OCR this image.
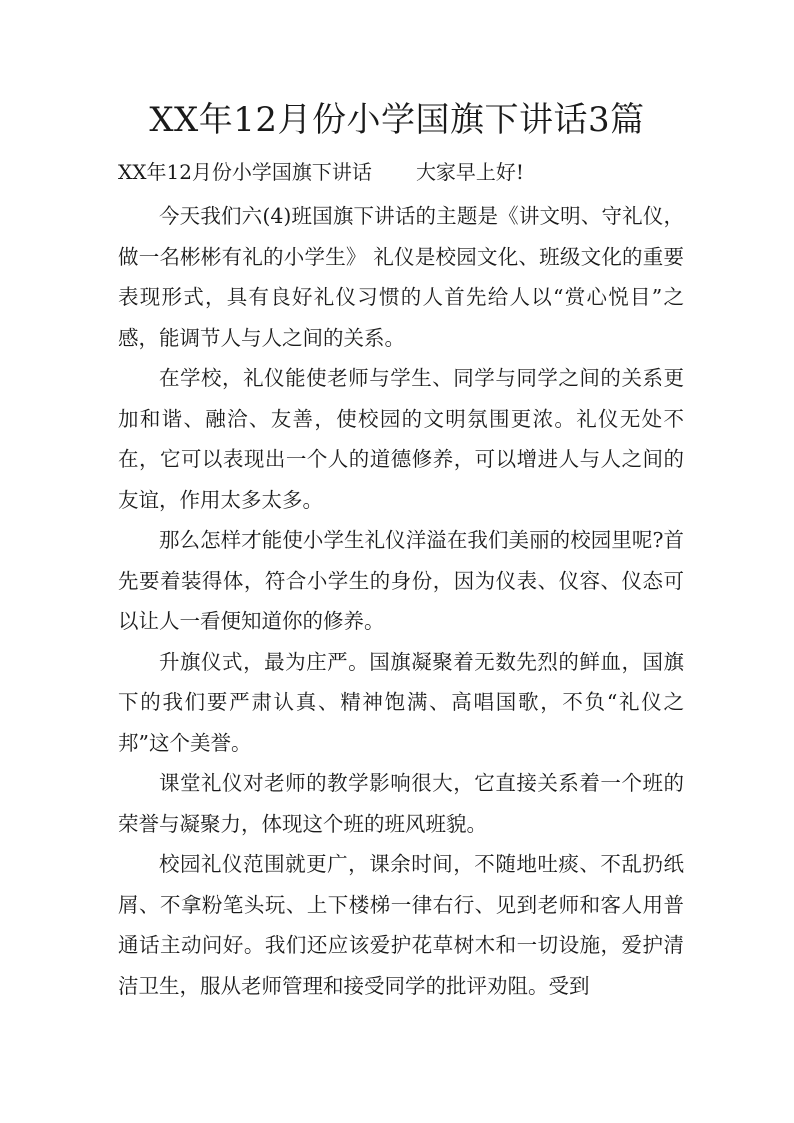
XX年12月份小学国旗下讲话3篇
XX年12月份小学国旗下讲话 大家早上好!

今天我们六(4)班国旗下讲话的主题是《讲文明、守礼仪，做一名彬彬有礼的小学生》 礼仪是校园文化、班级文化的重要表现形式，具有良好礼仪习惯的人首先给人以“赏心悦目”之感，能调节人与人之间的关系。

在学校，礼仪能使老师与学生、同学与同学之间的关系更加和谐、融洽、友善，使校园的文明氛围更浓。礼仪无处不在，它可以表现出一个人的道德修养，可以增进人与人之间的友谊，作用太多太多。

那么怎样才能使小学生礼仪洋溢在我们美丽的校园里呢?首先要着装得体，符合小学生的身份，因为仪表、仪容、仪态可以让人一看便知道你的修养。

升旗仪式，最为庄严。国旗凝聚着无数先烈的鲜血，国旗下的我们要严肃认真、精神饱满、高唱国歌，不负“礼仪之邦”这个美誉。

课堂礼仪对老师的教学影响很大，它直接关系着一个班的荣誉与凝聚力，体现这个班的班风班貌。

校园礼仪范围就更广，课余时间，不随地吐痰、不乱扔纸屑、不拿粉笔头玩、上下楼梯一律右行、见到老师和客人用普通话主动问好。我们还应该爱护花草树木和一切设施，爱护清洁卫生，服从老师管理和接受同学的批评劝阻。受到
